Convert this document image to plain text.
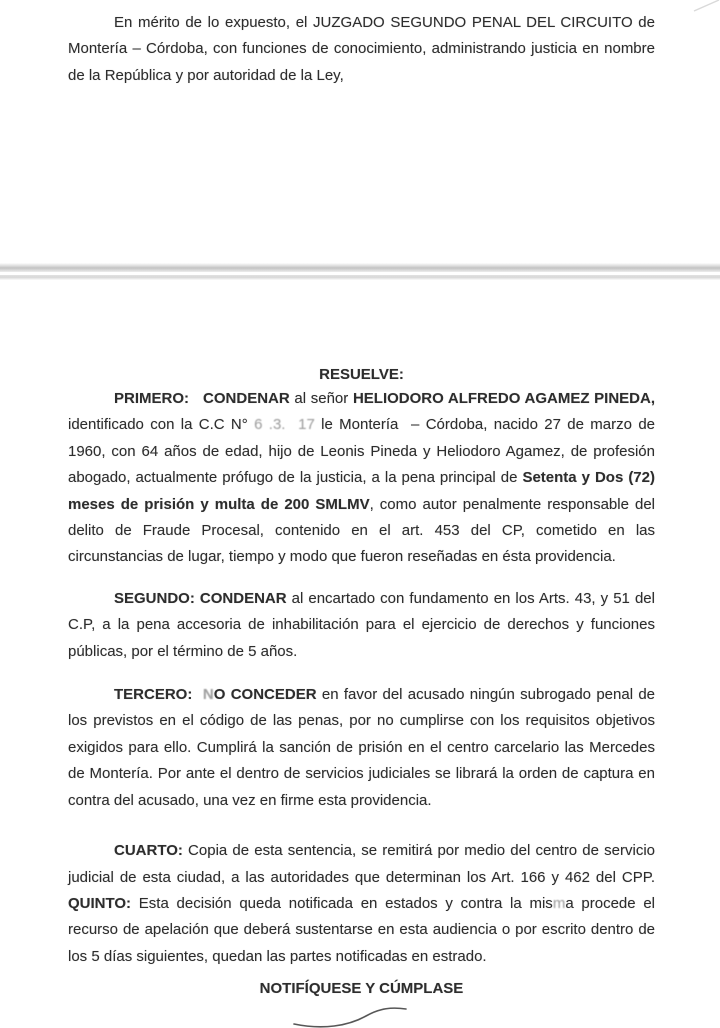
En mérito de lo expuesto, el JUZGADO SEGUNDO PENAL DEL CIRCUITO de Montería – Córdoba, con funciones de conocimiento, administrando justicia en nombre de la República y por autoridad de la Ley,

RESUELVE:

PRIMERO:   CONDENAR al señor HELIODORO ALFREDO AGAMEZ PINEDA, identificado con la C.C N° 6 .3.  17 le Montería  – Córdoba, nacido 27 de marzo de 1960, con 64 años de edad, hijo de Leonis Pineda y Heliodoro Agamez, de profesión abogado, actualmente prófugo de la justicia, a la pena principal de Setenta y Dos (72) meses de prisión y multa de 200 SMLMV, como autor penalmente responsable del delito de Fraude Procesal, contenido en el art. 453 del CP, cometido en las circunstancias de lugar, tiempo y modo que fueron reseñadas en ésta providencia.

SEGUNDO: CONDENAR al encartado con fundamento en los Arts. 43, y 51 del C.P, a la pena accesoria de inhabilitación para el ejercicio de derechos y funciones públicas, por el término de 5 años.

TERCERO:  NO CONCEDER en favor del acusado ningún subrogado penal de los previstos en el código de las penas, por no cumplirse con los requisitos objetivos exigidos para ello. Cumplirá la sanción de prisión en el centro carcelario las Mercedes de Montería. Por ante el dentro de servicios judiciales se librará la orden de captura en contra del acusado, una vez en firme esta providencia.

CUARTO: Copia de esta sentencia, se remitirá por medio del centro de servicio judicial de esta ciudad, a las autoridades que determinan los Art. 166 y 462 del CPP. QUINTO: Esta decisión queda notificada en estados y contra la misma procede el recurso de apelación que deberá sustentarse en esta audiencia o por escrito dentro de los 5 días siguientes, quedan las partes notificadas en estrado.

NOTIFÍQUESE Y CÚMPLASE
